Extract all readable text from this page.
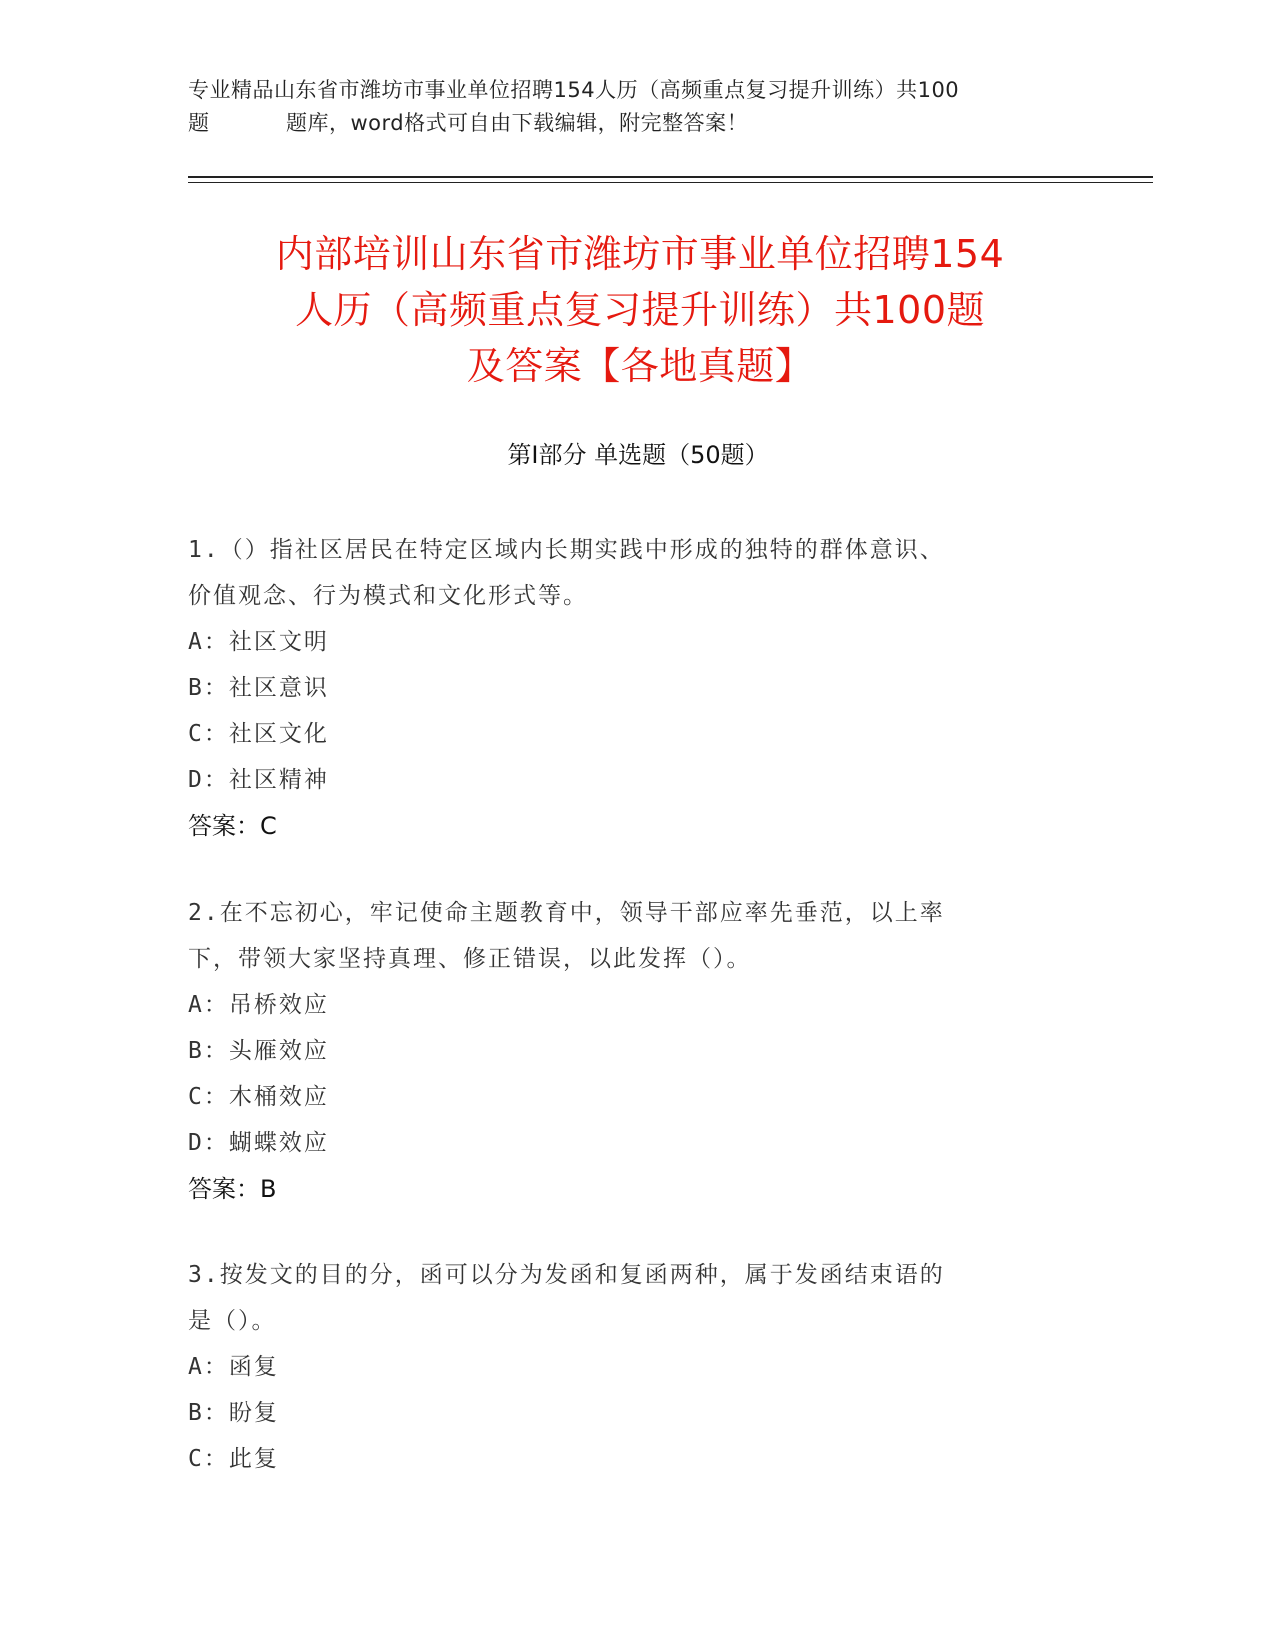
专业精品山东省市潍坊市事业单位招聘154人历（高频重点复习提升训练）共100
题	题库，word格式可自由下载编辑，附完整答案！
内部培训山东省市潍坊市事业单位招聘154
人历（高频重点复习提升训练）共100题
及答案【各地真题】
第Ⅰ部分 单选题（50题）
1.（）指社区居民在特定区域内长期实践中形成的独特的群体意识、
价值观念、行为模式和文化形式等。
A：社区文明
B：社区意识
C：社区文化
D：社区精神
答案：C
2.在不忘初心，牢记使命主题教育中，领导干部应率先垂范，以上率
下，带领大家坚持真理、修正错误，以此发挥（）。
A：吊桥效应
B：头雁效应
C：木桶效应
D：蝴蝶效应
答案：B
3.按发文的目的分，函可以分为发函和复函两种，属于发函结束语的
是（）。
A：函复
B：盼复
C：此复
